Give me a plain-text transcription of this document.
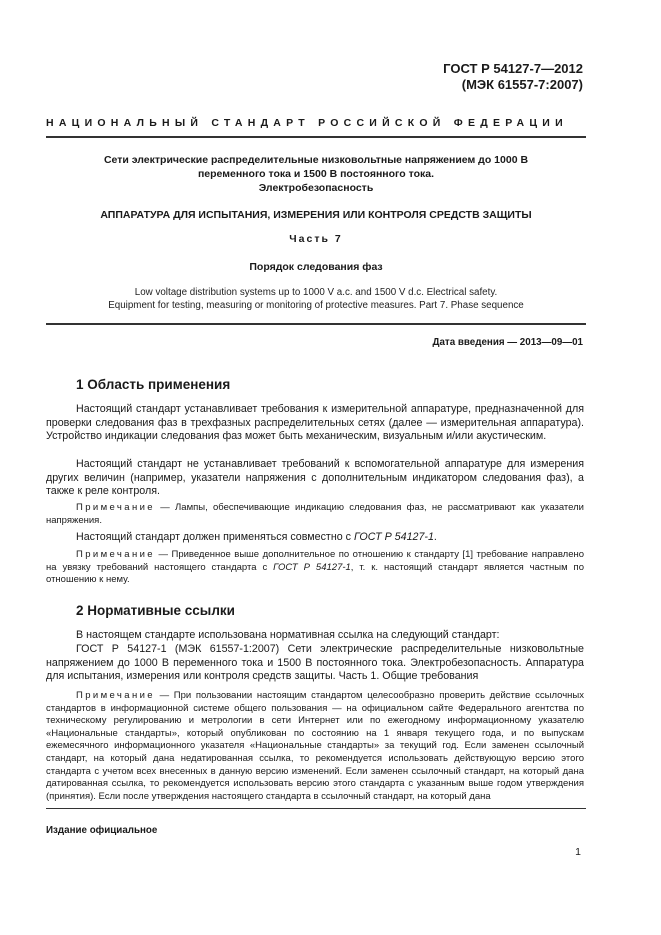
ГОСТ Р 54127-7—2012
(МЭК 61557-7:2007)
НАЦИОНАЛЬНЫЙ СТАНДАРТ РОССИЙСКОЙ ФЕДЕРАЦИИ
Сети электрические распределительные низковольтные напряжением до 1000 В
переменного тока и 1500 В постоянного тока.
Электробезопасность
АППАРАТУРА ДЛЯ ИСПЫТАНИЯ, ИЗМЕРЕНИЯ ИЛИ КОНТРОЛЯ СРЕДСТВ ЗАЩИТЫ
Часть 7
Порядок следования фаз
Low voltage distribution systems up to 1000 V a.c. and 1500 V d.c. Electrical safety.
Equipment for testing, measuring or monitoring of protective measures. Part 7. Phase sequence
Дата введения — 2013—09—01
1 Область применения
Настоящий стандарт устанавливает требования к измерительной аппаратуре, предназначенной для проверки следования фаз в трехфазных распределительных сетях (далее — измерительная аппаратура). Устройство индикации следования фаз может быть механическим, визуальным и/или акустическим.
Настоящий стандарт не устанавливает требований к вспомогательной аппаратуре для измерения других величин (например, указатели напряжения с дополнительным индикатором следования фаз), а также к реле контроля.
Примечание — Лампы, обеспечивающие индикацию следования фаз, не рассматривают как указатели напряжения.
Настоящий стандарт должен применяться совместно с ГОСТ Р 54127-1.
Примечание — Приведенное выше дополнительное по отношению к стандарту [1] требование направлено на увязку требований настоящего стандарта с ГОСТ Р 54127-1, т. к. настоящий стандарт является частным по отношению к нему.
2 Нормативные ссылки
В настоящем стандарте использована нормативная ссылка на следующий стандарт:
ГОСТ Р 54127-1 (МЭК 61557-1:2007) Сети электрические распределительные низковольтные напряжением до 1000 В переменного тока и 1500 В постоянного тока. Электробезопасность. Аппаратура для испытания, измерения или контроля средств защиты. Часть 1. Общие требования
Примечание — При пользовании настоящим стандартом целесообразно проверить действие ссылочных стандартов в информационной системе общего пользования — на официальном сайте Федерального агентства по техническому регулированию и метрологии в сети Интернет или по ежегодному информационному указателю «Национальные стандарты», который опубликован по состоянию на 1 января текущего года, и по выпускам ежемесячного информационного указателя «Национальные стандарты» за текущий год. Если заменен ссылочный стандарт, на который дана недатированная ссылка, то рекомендуется использовать действующую версию этого стандарта с учетом всех внесенных в данную версию изменений. Если заменен ссылочный стандарт, на который дана датированная ссылка, то рекомендуется использовать версию этого стандарта с указанным выше годом утверждения (принятия). Если после утверждения настоящего стандарта в ссылочный стандарт, на который дана
Издание официальное
1
